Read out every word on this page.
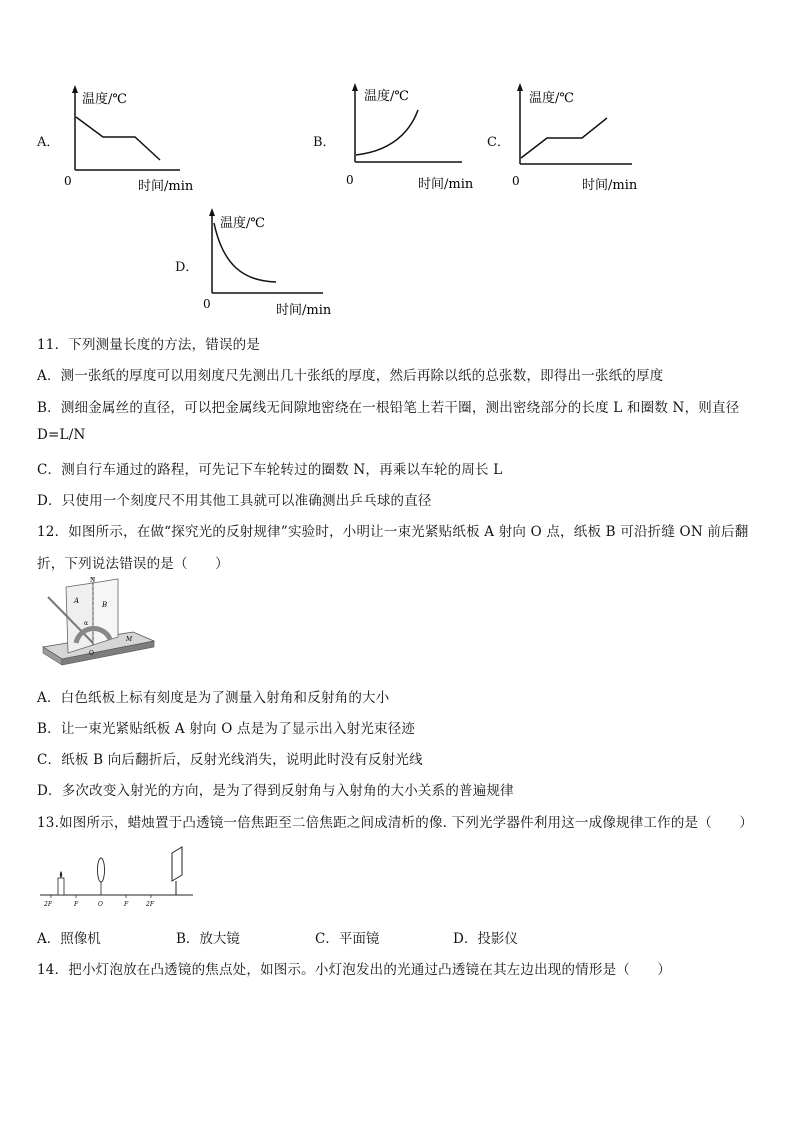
A．
温度/℃
0	时间/min
B．
温度/℃
0	时间/min
C．
温度/℃
0	时间/min
D．
温度/℃
0	时间/min
11．下列测量长度的方法，错误的是
A．测一张纸的厚度可以用刻度尺先测出几十张纸的厚度，然后再除以纸的总张数，即得出一张纸的厚度
B．测细金属丝的直径，可以把金属线无间隙地密绕在一根铅笔上若干圈，测出密绕部分的长度 L 和圈数 N，则直径
D=L/N
C．测自行车通过的路程，可先记下车轮转过的圈数 N，再乘以车轮的周长 L
D．只使用一个刻度尺不用其他工具就可以准确测出乒乓球的直径
12．如图所示，在做“探究光的反射规律”实验时，小明让一束光紧贴纸板 A 射向 O 点，纸板 B 可沿折缝 ON 前后翻
折，下列说法错误的是（　　）
N
A	B
α
O
M
A．白色纸板上标有刻度是为了测量入射角和反射角的大小
B．让一束光紧贴纸板 A 射向 O 点是为了显示出入射光束径迹
C．纸板 B 向后翻折后，反射光线消失，说明此时没有反射光线
D．多次改变入射光的方向，是为了得到反射角与入射角的大小关系的普遍规律
13.如图所示，蜡烛置于凸透镜一倍焦距至二倍焦距之间成清析的像. 下列光学器件利用这一成像规律工作的是（　　）
2F	F	O	F	2F
A．照像机	B．放大镜	C．平面镜	D．投影仪
14．把小灯泡放在凸透镜的焦点处，如图示。小灯泡发出的光通过凸透镜在其左边出现的情形是（　　）
